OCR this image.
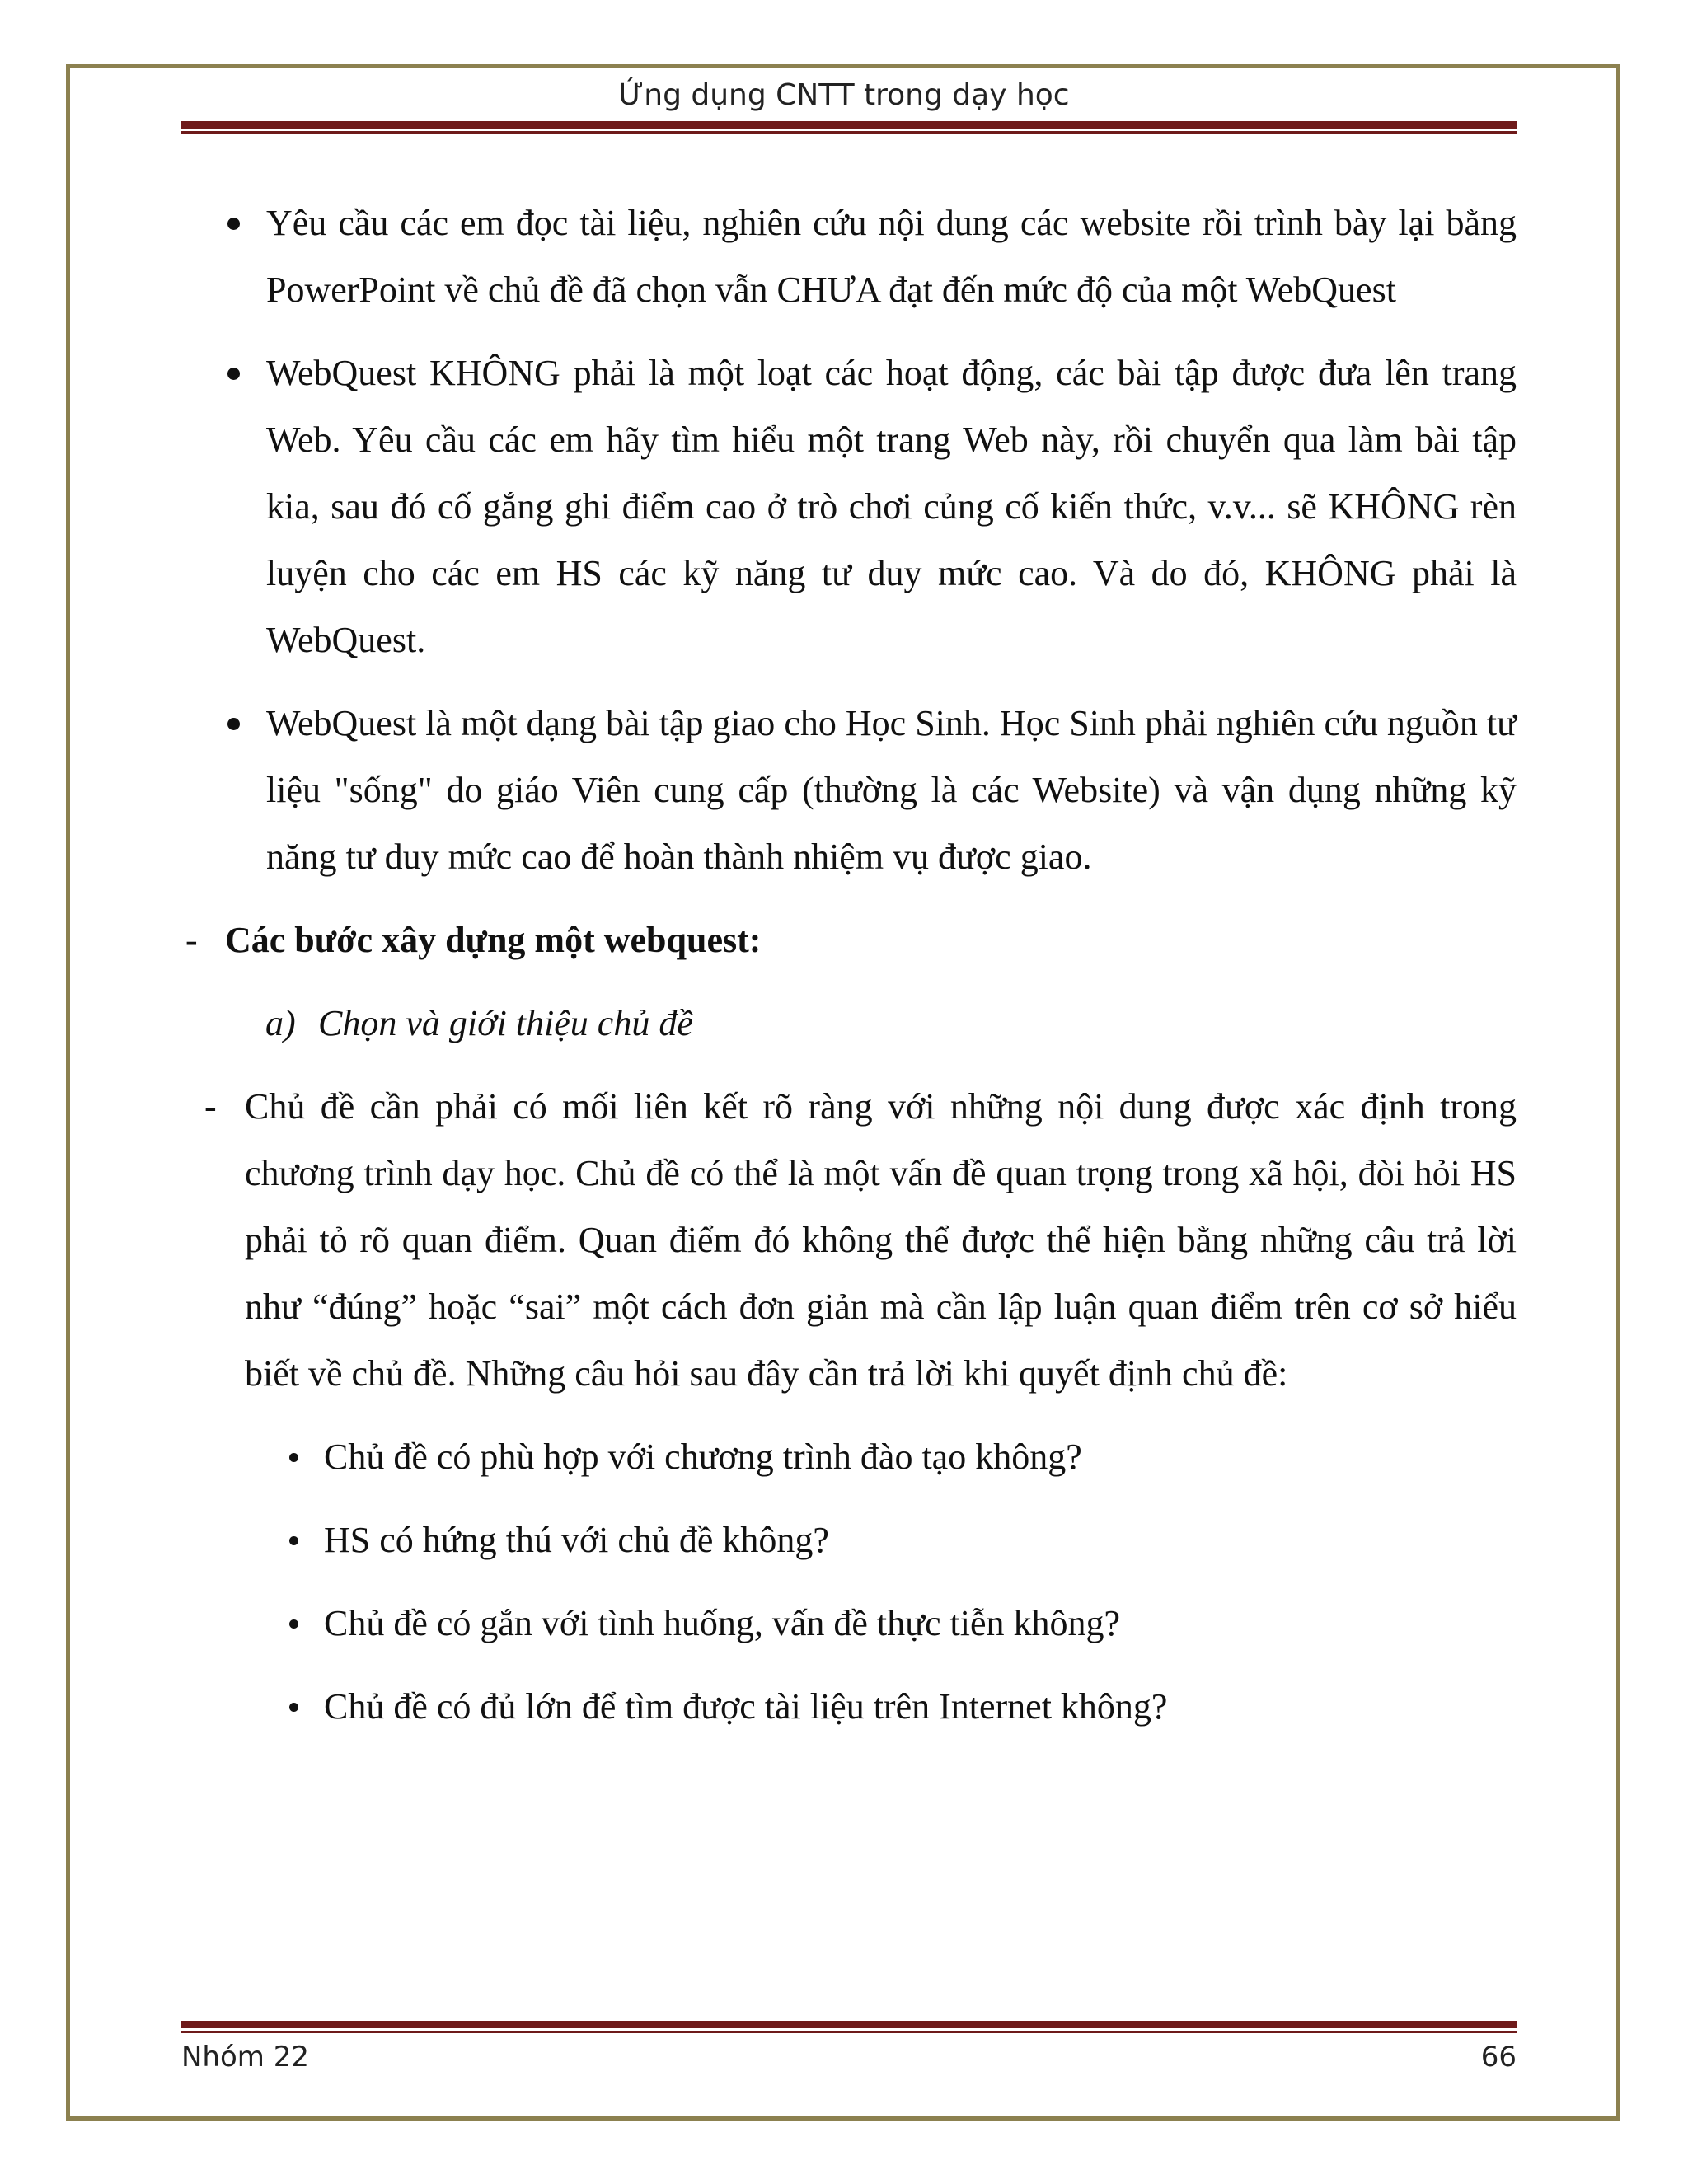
Ứng dụng CNTT trong dạy học
Yêu cầu các em đọc tài liệu, nghiên cứu nội dung các website rồi trình bày lại bằng PowerPoint về chủ đề đã chọn vẫn CHƯA đạt đến mức độ của một WebQuest
WebQuest KHÔNG phải là một loạt các hoạt động, các bài tập được đưa lên trang Web. Yêu cầu các em hãy tìm hiểu một trang Web này, rồi chuyển qua làm bài tập kia, sau đó cố gắng ghi điểm cao ở trò chơi củng cố kiến thức, v.v... sẽ KHÔNG rèn luyện cho các em HS các kỹ năng tư duy mức cao. Và do đó, KHÔNG phải là WebQuest.
WebQuest là một dạng bài tập giao cho Học Sinh. Học Sinh phải nghiên cứu nguồn tư liệu "sống" do giáo Viên cung cấp (thường là các Website) và vận dụng những kỹ năng tư duy mức cao để hoàn thành nhiệm vụ được giao.
- Các bước xây dựng một webquest:
a) Chọn và giới thiệu chủ đề
- Chủ đề cần phải có mối liên kết rõ ràng với những nội dung được xác định trong chương trình dạy học. Chủ đề có thể là một vấn đề quan trọng trong xã hội, đòi hỏi HS phải tỏ rõ quan điểm. Quan điểm đó không thể được thể hiện bằng những câu trả lời như “đúng” hoặc “sai” một cách đơn giản mà cần lập luận quan điểm trên cơ sở hiểu biết về chủ đề. Những câu hỏi sau đây cần trả lời khi quyết định chủ đề:
Chủ đề có phù hợp với chương trình đào tạo không?
HS có hứng thú với chủ đề không?
Chủ đề có gắn với tình huống, vấn đề thực tiễn không?
Chủ đề có đủ lớn để tìm được tài liệu trên Internet không?
Nhóm 22	66
